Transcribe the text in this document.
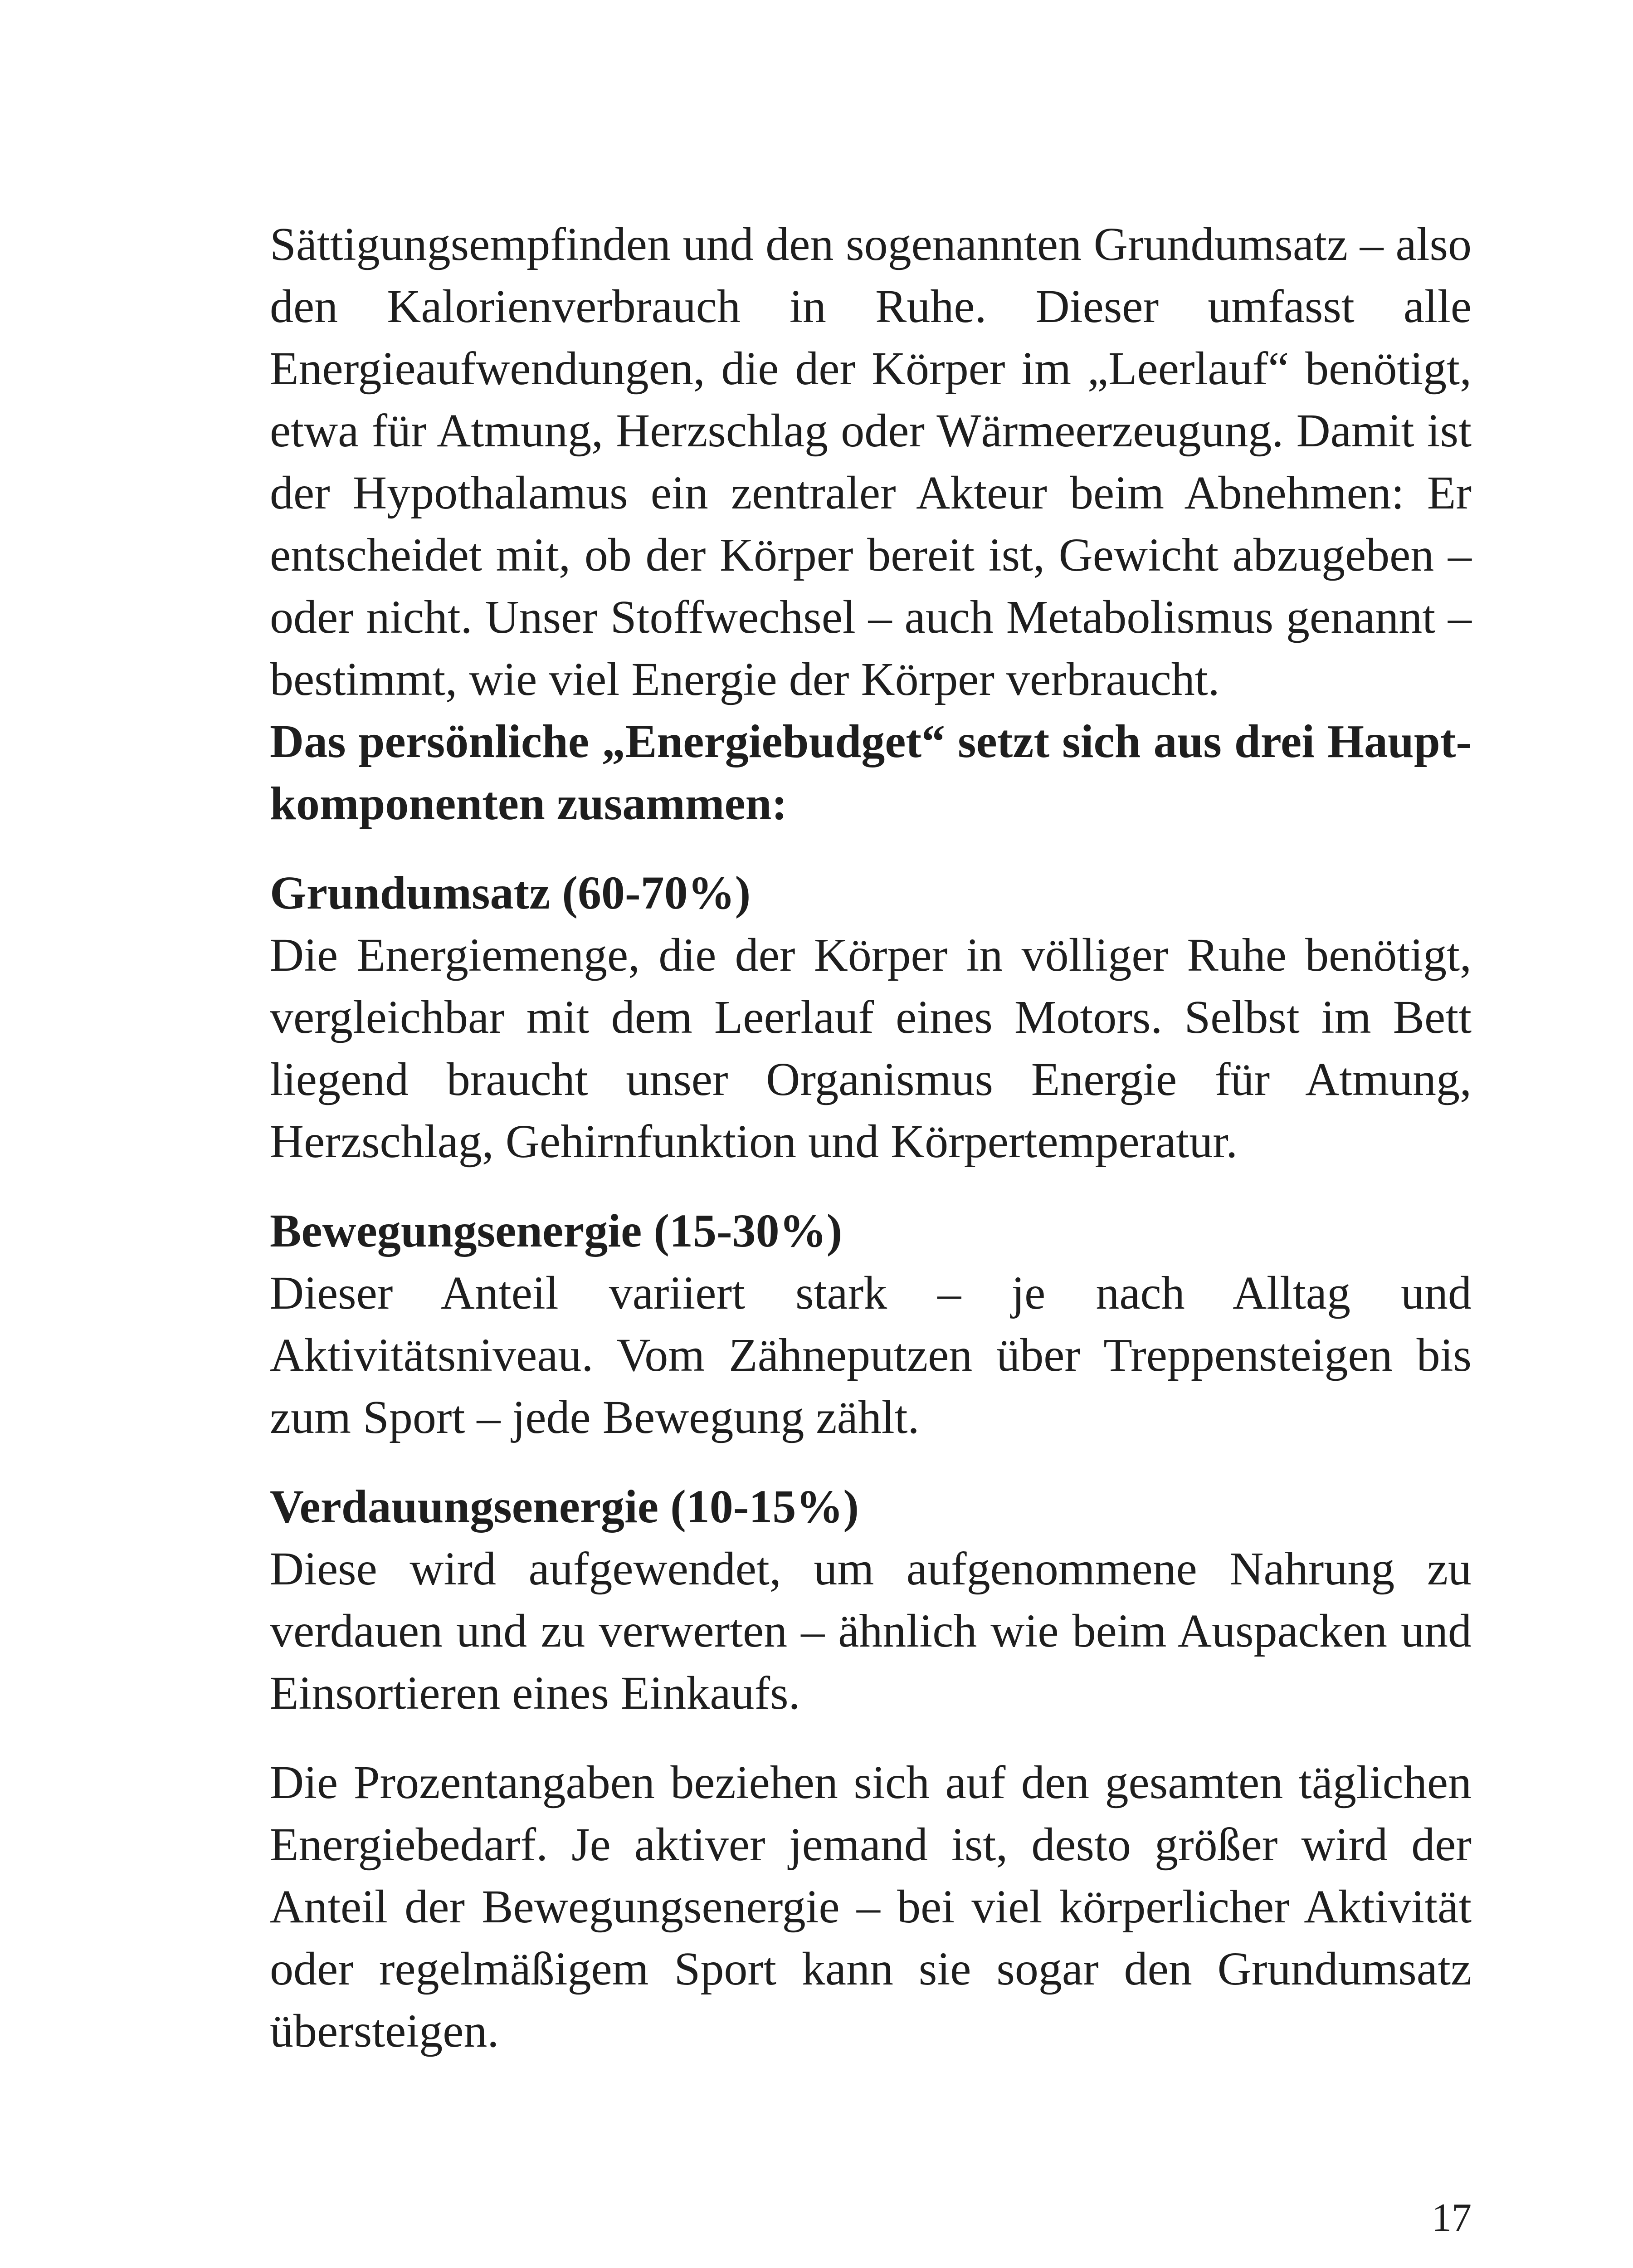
Sättigungsempfinden und den sogenannten Grundumsatz – also den Kalorienverbrauch in Ruhe. Dieser umfasst alle Energieaufwendungen, die der Körper im „Leerlauf“ benötigt, etwa für Atmung, Herzschlag oder Wärmeerzeugung. Damit ist der Hypothalamus ein zentraler Akteur beim Abnehmen: Er entscheidet mit, ob der Körper bereit ist, Gewicht abzugeben – oder nicht. Unser Stoffwechsel – auch Metabolismus genannt – bestimmt, wie viel Energie der Körper verbraucht.

Das persönliche „Energiebudget“ setzt sich aus drei Hauptkomponenten zusammen:

Grundumsatz (60-70%)

Die Energiemenge, die der Körper in völliger Ruhe benötigt, vergleichbar mit dem Leerlauf eines Motors. Selbst im Bett liegend braucht unser Organismus Energie für Atmung, Herzschlag, Gehirnfunktion und Körpertemperatur.

Bewegungsenergie (15-30%)

Dieser Anteil variiert stark – je nach Alltag und Aktivitätsniveau. Vom Zähneputzen über Treppensteigen bis zum Sport – jede Bewegung zählt.

Verdauungsenergie (10-15%)

Diese wird aufgewendet, um aufgenommene Nahrung zu verdauen und zu verwerten – ähnlich wie beim Auspacken und Einsortieren eines Einkaufs.

Die Prozentangaben beziehen sich auf den gesamten täglichen Energiebedarf. Je aktiver jemand ist, desto größer wird der Anteil der Bewegungsenergie – bei viel körperlicher Aktivität oder regelmäßigem Sport kann sie sogar den Grundumsatz übersteigen.

17
